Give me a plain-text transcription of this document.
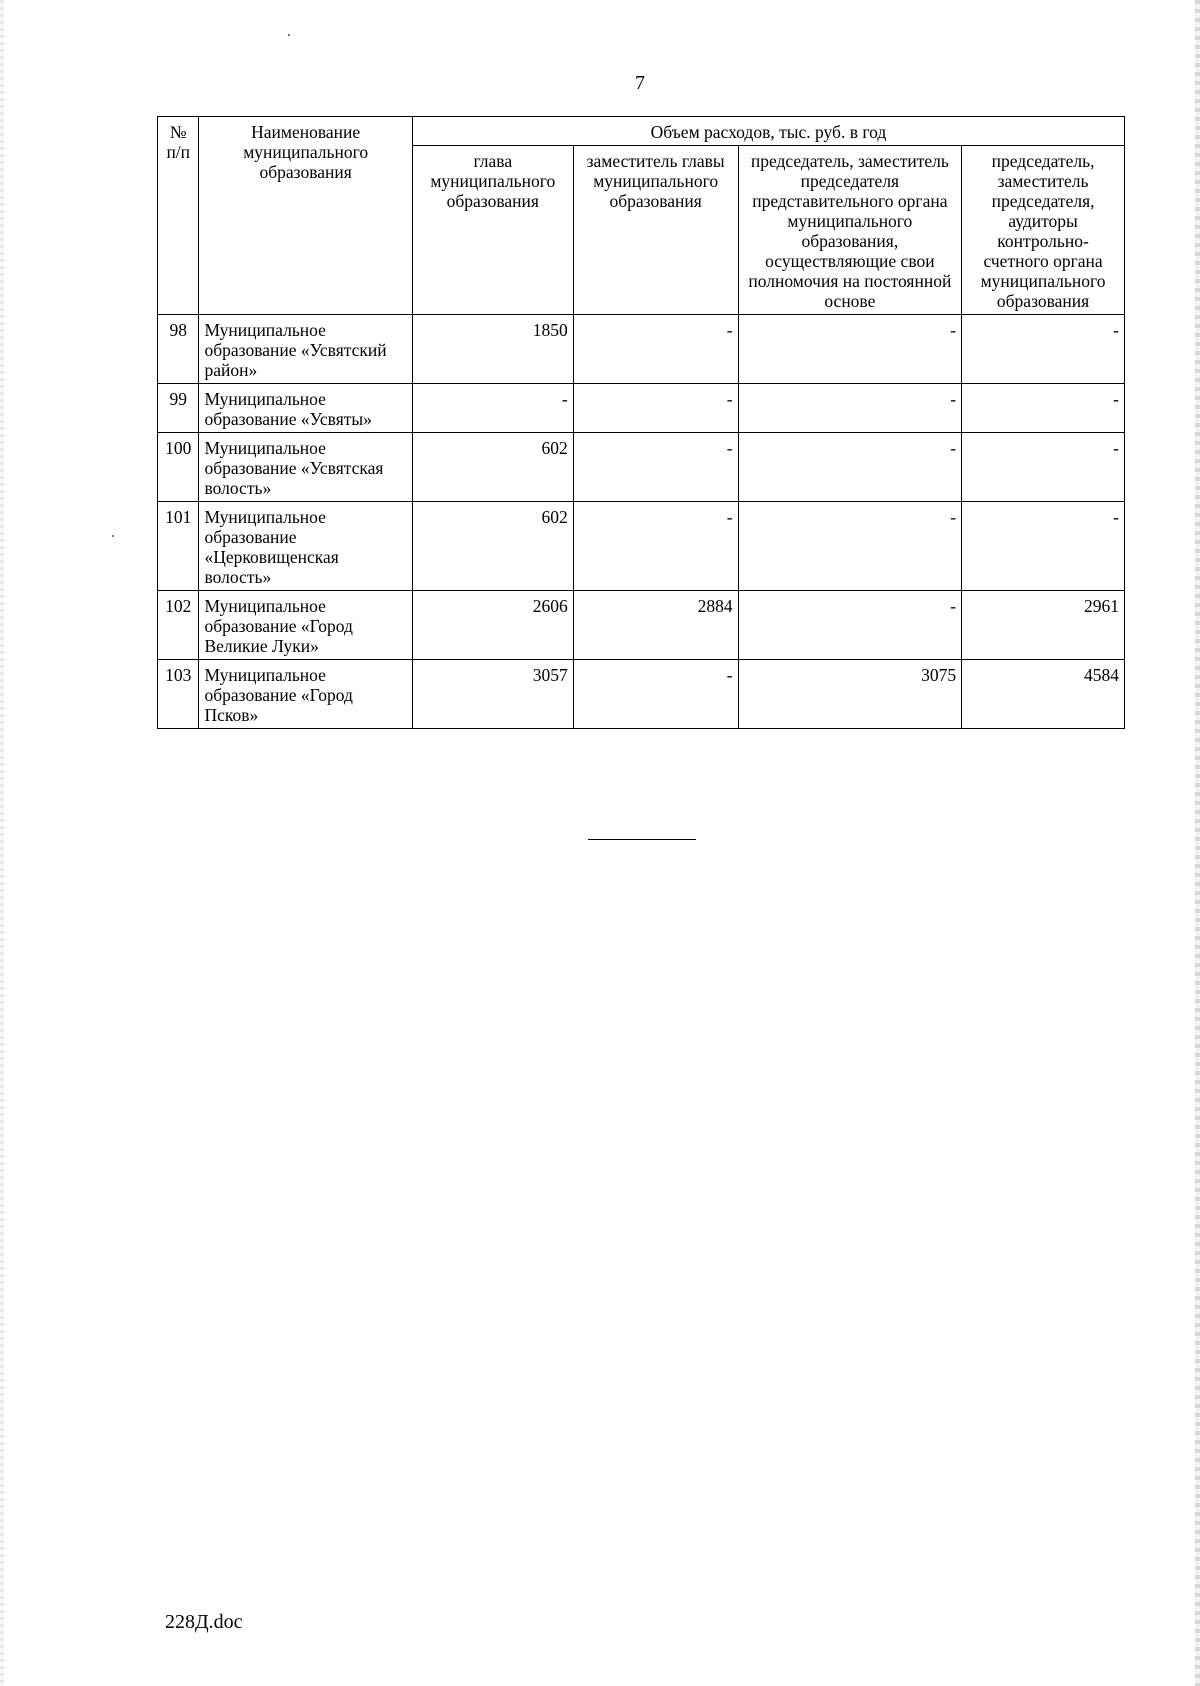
7
№ п/п	Наименование муниципального образования	Объем расходов, тыс. руб. в год			
		глава муниципального образования	заместитель главы муниципального образования	председатель, заместитель председателя представительного органа муниципального образования, осуществляющие свои полномочия на постоянной основе	председатель, заместитель председателя, аудиторы контрольно-счетного органа муниципального образования
98	Муниципальное образование «Усвятский район»	1850	-	-	-
99	Муниципальное образование «Усвяты»	-	-	-	-
100	Муниципальное образование «Усвятская волость»	602	-	-	-
101	Муниципальное образование «Церковищенская волость»	602	-	-	-
102	Муниципальное образование «Город Великие Луки»	2606	2884	-	2961
103	Муниципальное образование «Город Псков»	3057	-	3075	4584
228Д.doc
